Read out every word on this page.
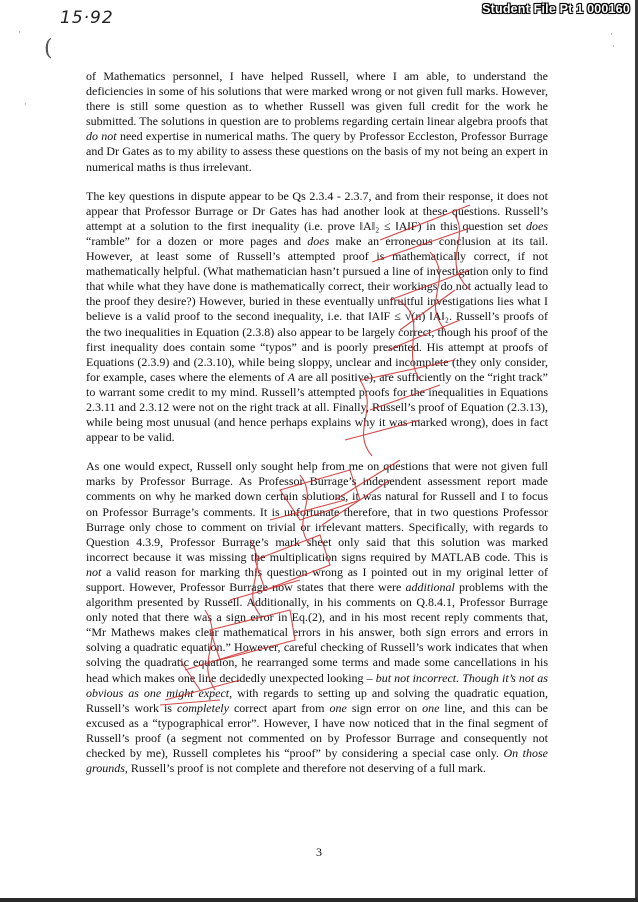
15·92
(
Student File Pt 1 000160
·
·
·
·

of Mathematics personnel, I have helped Russell, where I am able, to understand the deficiencies in some of his solutions that were marked wrong or not given full marks. However, there is still some question as to whether Russell was given full credit for the work he submitted. The solutions in question are to problems regarding certain linear algebra proofs that do not need expertise in numerical maths. The query by Professor Eccleston, Professor Burrage and Dr Gates as to my ability to assess these questions on the basis of my not being an expert in numerical maths is thus irrelevant.

The key questions in dispute appear to be Qs 2.3.4 - 2.3.7, and from their response, it does not appear that Professor Burrage or Dr Gates has had another look at these questions. Russell’s attempt at a solution to the first inequality (i.e. prove ‖A‖₂ ≤ ‖A‖F) in this question set does “ramble” for a dozen or more pages and does make an erroneous conclusion at its tail. However, at least some of Russell’s attempted proof is mathematically correct, if not mathematically helpful. (What mathematician hasn’t pursued a line of investigation only to find that while what they have done is mathematically correct, their workings do not actually lead to the proof they desire?) However, buried in these eventually unfruitful investigations lies what I believe is a valid proof to the second inequality, i.e. that ‖A‖F ≤ √(n) ‖A‖₂. Russell’s proofs of the two inequalities in Equation (2.3.8) also appear to be largely correct, though his proof of the first inequality does contain some “typos” and is poorly presented. His attempt at proofs of Equations (2.3.9) and (2.3.10), while being sloppy, unclear and incomplete (they only consider, for example, cases where the elements of A are all positive), are sufficiently on the “right track” to warrant some credit to my mind. Russell’s attempted proofs for the inequalities in Equations 2.3.11 and 2.3.12 were not on the right track at all. Finally, Russell’s proof of Equation (2.3.13), while being most unusual (and hence perhaps explains why it was marked wrong), does in fact appear to be valid.

As one would expect, Russell only sought help from me on questions that were not given full marks by Professor Burrage. As Professor Burrage’s independent assessment report made comments on why he marked down certain solutions, it was natural for Russell and I to focus on Professor Burrage’s comments. It is unfortunate therefore, that in two questions Professor Burrage only chose to comment on trivial or irrelevant matters. Specifically, with regards to Question 4.3.9, Professor Burrage’s mark sheet only said that this solution was marked incorrect because it was missing the multiplication signs required by MATLAB code. This is not a valid reason for marking this question wrong as I pointed out in my original letter of support. However, Professor Burrage now states that there were additional problems with the algorithm presented by Russell. Additionally, in his comments on Q.8.4.1, Professor Burrage only noted that there was a sign error in Eq.(2), and in his most recent reply comments that, “Mr Mathews makes clear mathematical errors in his answer, both sign errors and errors in solving a quadratic equation.” However, careful checking of Russell’s work indicates that when solving the quadratic equation, he rearranged some terms and made some cancellations in his head which makes one line decidedly unexpected looking – but not incorrect. Though it’s not as obvious as one might expect, with regards to setting up and solving the quadratic equation, Russell’s work is completely correct apart from one sign error on one line, and this can be excused as a “typographical error”. However, I have now noticed that in the final segment of Russell’s proof (a segment not commented on by Professor Burrage and consequently not checked by me), Russell completes his “proof” by considering a special case only. On those grounds, Russell’s proof is not complete and therefore not deserving of a full mark.

3
